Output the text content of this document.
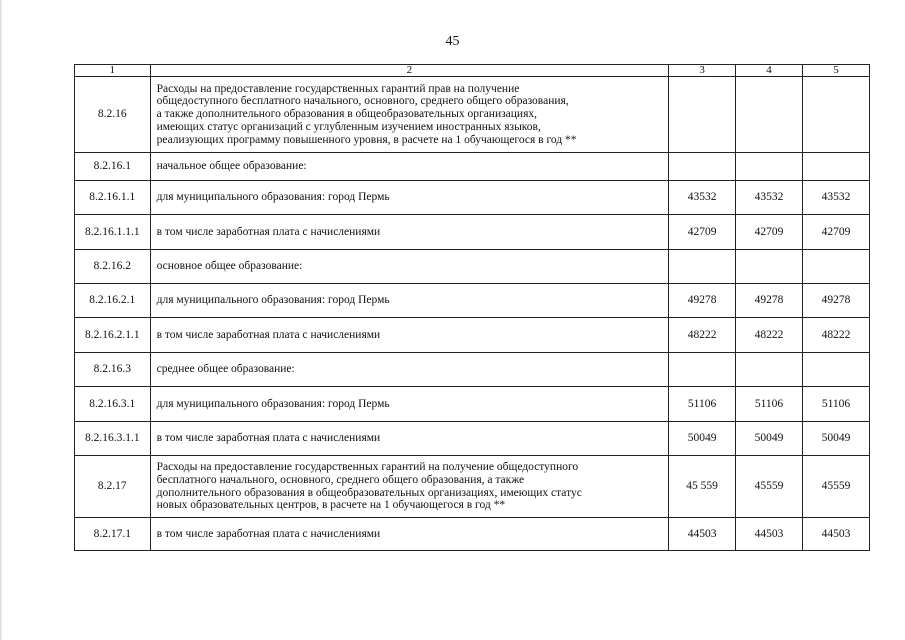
45
1	2	3	4	5
8.2.16	Расходы на предоставление государственных гарантий прав на получение
общедоступного бесплатного начального, основного, среднего общего образования,
а также дополнительного образования в общеобразовательных организациях,
имеющих статус организаций с углубленным изучением иностранных языков,
реализующих программу повышенного уровня, в расчете на 1 обучающегося в год **			

8.2.16.1	начальное общее образование:			
8.2.16.1.1	для муниципального образования: город Пермь	43532	43532	43532
8.2.16.1.1.1	в том числе заработная плата с начислениями	42709	42709	42709
8.2.16.2	основное общее образование:			
8.2.16.2.1	для муниципального образования: город Пермь	49278	49278	49278
8.2.16.2.1.1	в том числе заработная плата с начислениями	48222	48222	48222
8.2.16.3	среднее общее образование:			
8.2.16.3.1	для муниципального образования: город Пермь	51106	51106	51106
8.2.16.3.1.1	в том числе заработная плата с начислениями	50049	50049	50049
8.2.17	Расходы на предоставление государственных гарантий на получение общедоступного
бесплатного начального, основного, среднего общего образования, а также
дополнительного образования в общеобразовательных организациях, имеющих статус
новых образовательных центров, в расчете на 1 обучающегося в год **	45 559	45559	45559
8.2.17.1	в том числе заработная плата с начислениями	44503	44503	44503
